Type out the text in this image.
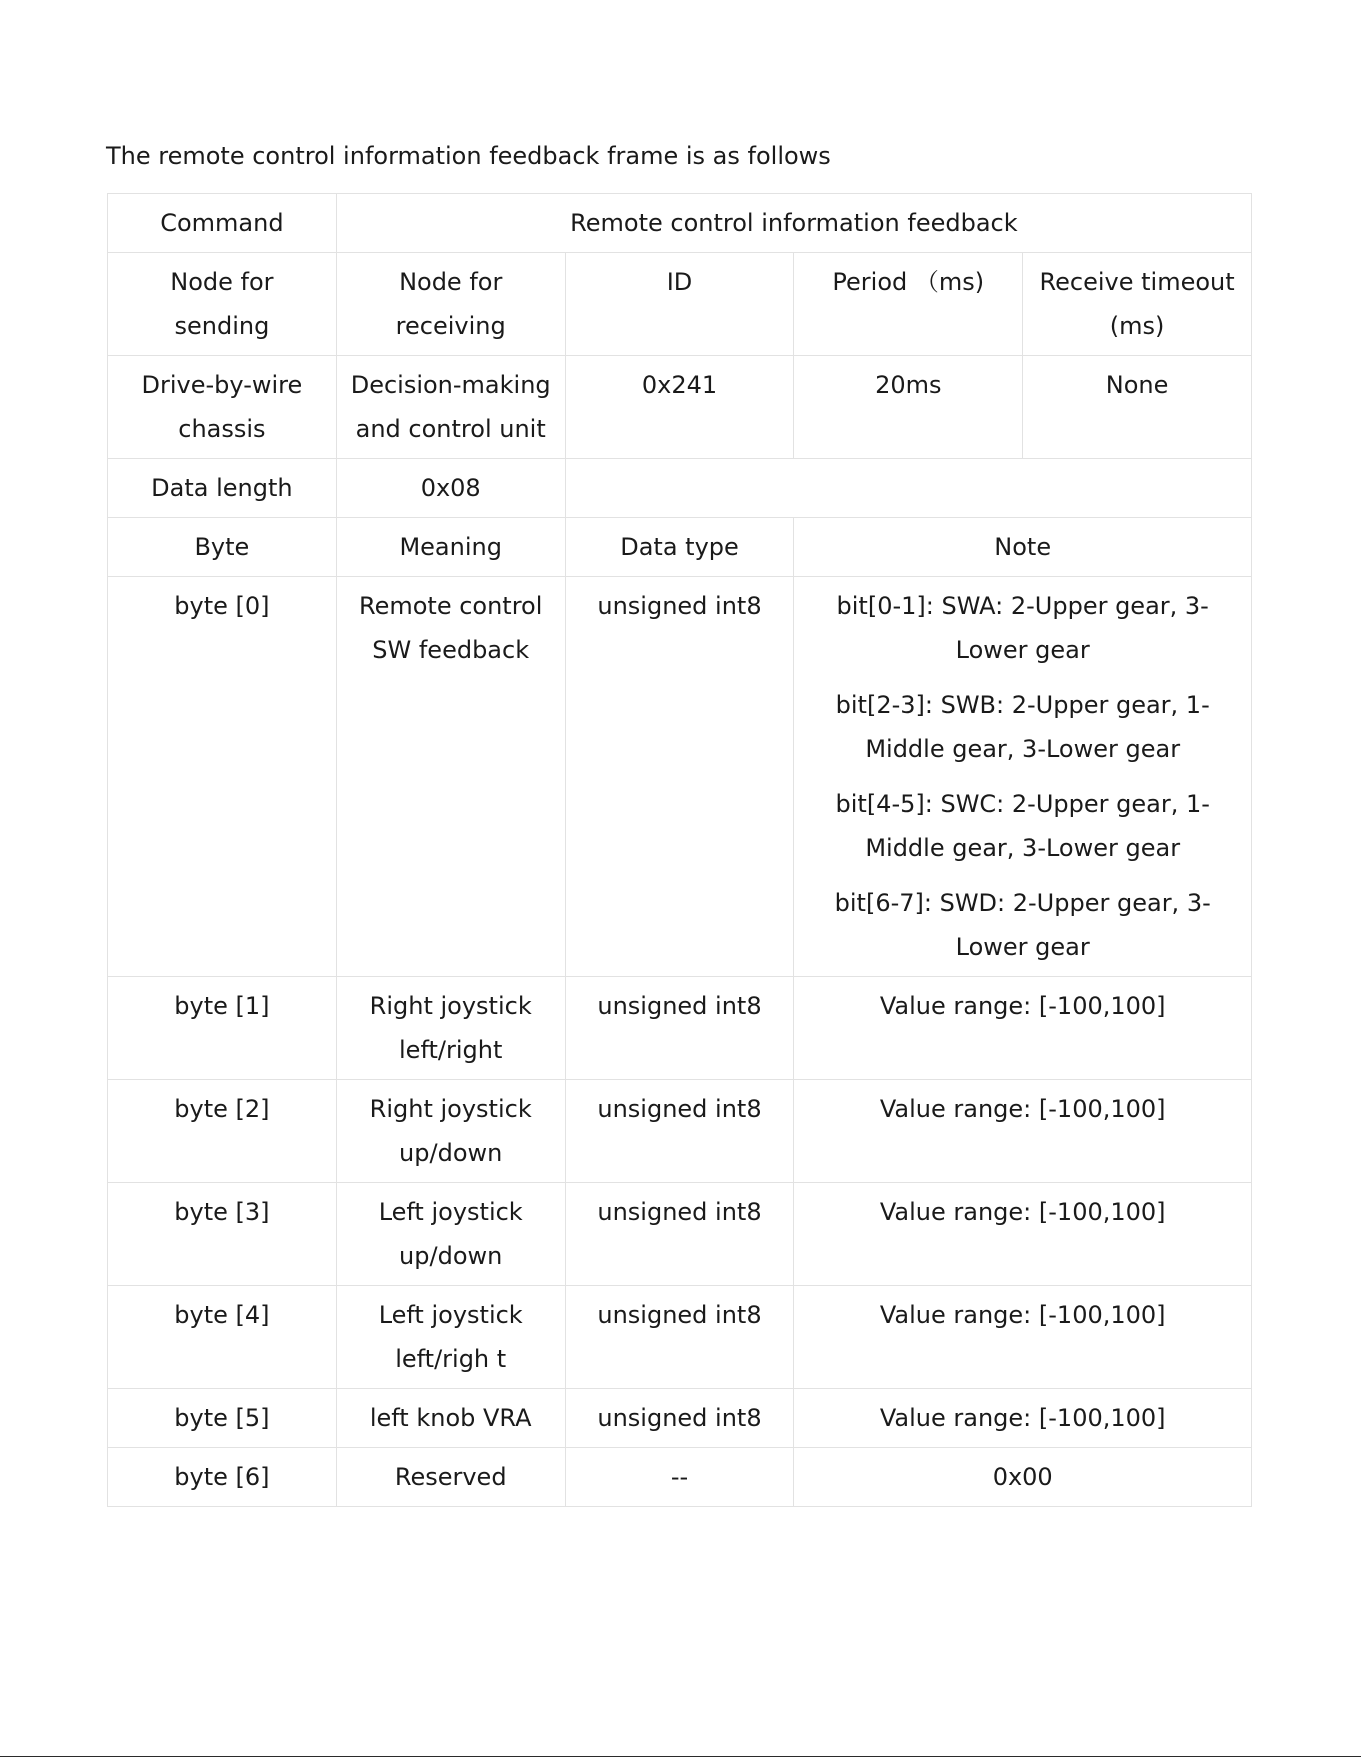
The remote control information feedback frame is as follows
Command	Remote control information feedback			
Node for sending	Node for receiving	ID	Period （ms)	Receive timeout (ms)
Drive-by-wire chassis	Decision-making and control unit	0x241	20ms	None
Data length	0x08			
Byte	Meaning	Data type	Note	
byte [0]	Remote control SW feedback	unsigned int8	bit[0-1]: SWA: 2-Upper gear, 3-Lower gear
bit[2-3]: SWB: 2-Upper gear, 1-Middle gear, 3-Lower gear
bit[4-5]: SWC: 2-Upper gear, 1-Middle gear, 3-Lower gear
bit[6-7]: SWD: 2-Upper gear, 3-Lower gear	

byte [1]	Right joystick left/right	unsigned int8	Value range: [-100,100]	
byte [2]	Right joystick up/down	unsigned int8	Value range: [-100,100]	
byte [3]	Left joystick up/down	unsigned int8	Value range: [-100,100]	
byte [4]	Left joystick left/righ t	unsigned int8	Value range: [-100,100]	
byte [5]	left knob VRA	unsigned int8	Value range: [-100,100]	
byte [6]	Reserved	--	0x00	
